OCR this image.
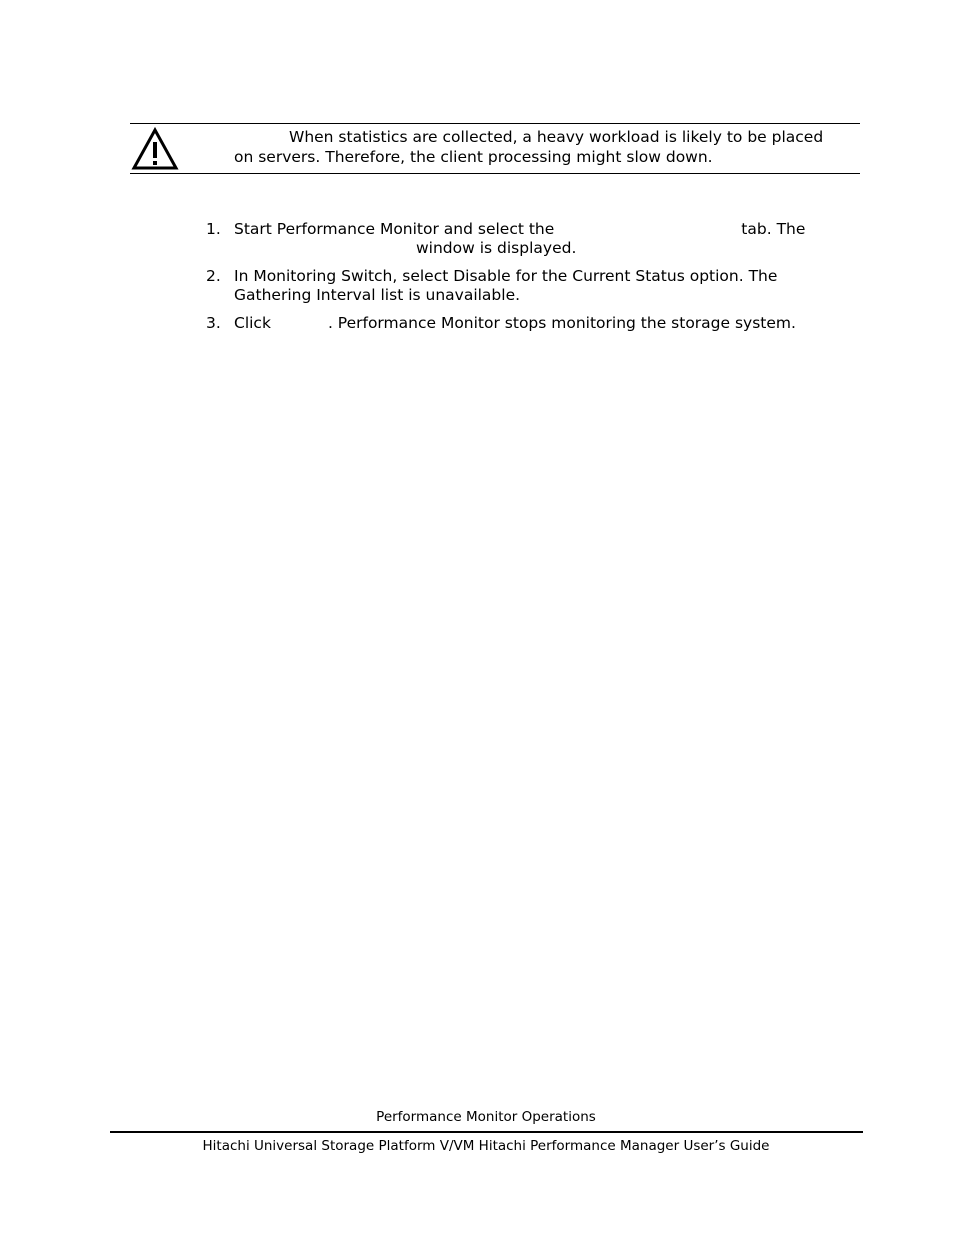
When statistics are collected, a heavy workload is likely to be placed
on servers. Therefore, the client processing might slow down.
1. Start Performance Monitor and select the	tab. The
window is displayed.
2. In Monitoring Switch, select Disable for the Current Status option. The
Gathering Interval list is unavailable.
3. Click	. Performance Monitor stops monitoring the storage system.
Performance Monitor Operations
Hitachi Universal Storage Platform V/VM Hitachi Performance Manager User’s Guide
